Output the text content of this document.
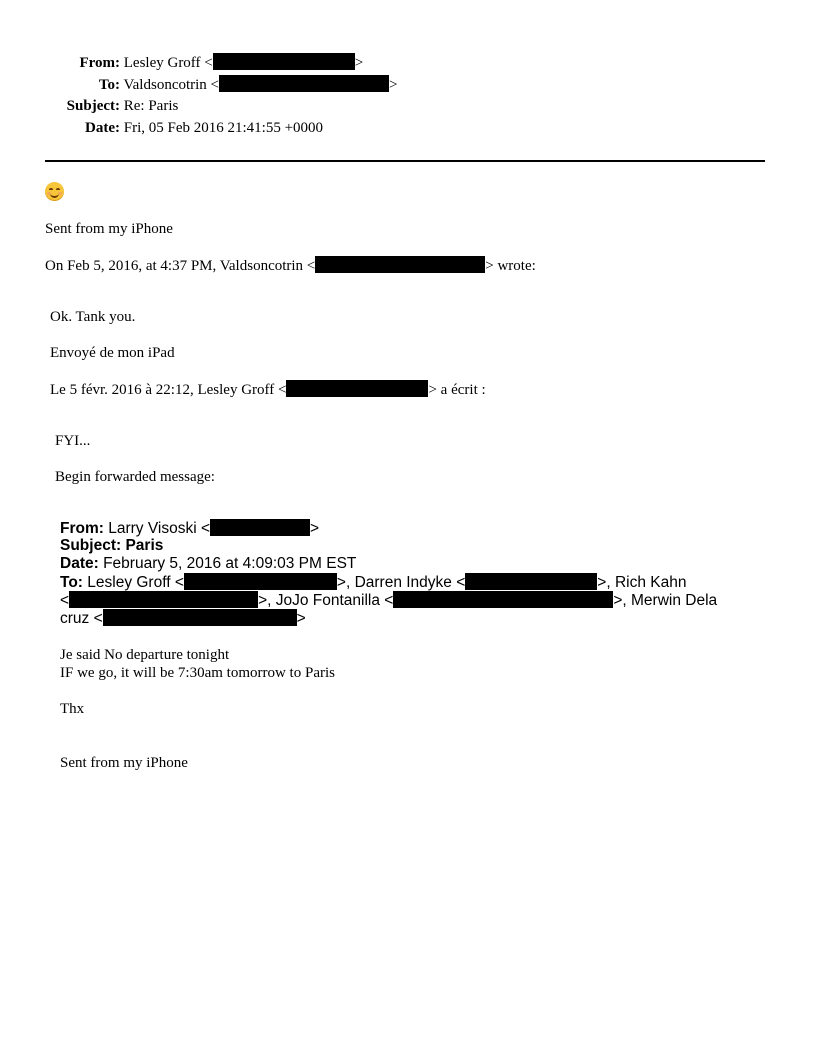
From: Lesley Groff <	>
To: Valdsoncotrin <	>
Subject: Re: Paris
Date: Fri, 05 Feb 2016 21:41:55 +0000
Sent from my iPhone
On Feb 5, 2016, at 4:37 PM, Valdsoncotrin <	> wrote:
Ok. Tank you.
Envoyé de mon iPad
Le 5 févr. 2016 à 22:12, Lesley Groff <	> a écrit :
FYI...
Begin forwarded message:
From: Larry Visoski <	>
Subject: Paris
Date: February 5, 2016 at 4:09:03 PM EST
To: Lesley Groff <	>, Darren Indyke <	>, Rich Kahn
<	>, JoJo Fontanilla <	>, Merwin Dela
cruz <	>
Je said No departure tonight
IF we go, it will be 7:30am tomorrow to Paris
Thx
Sent from my iPhone
